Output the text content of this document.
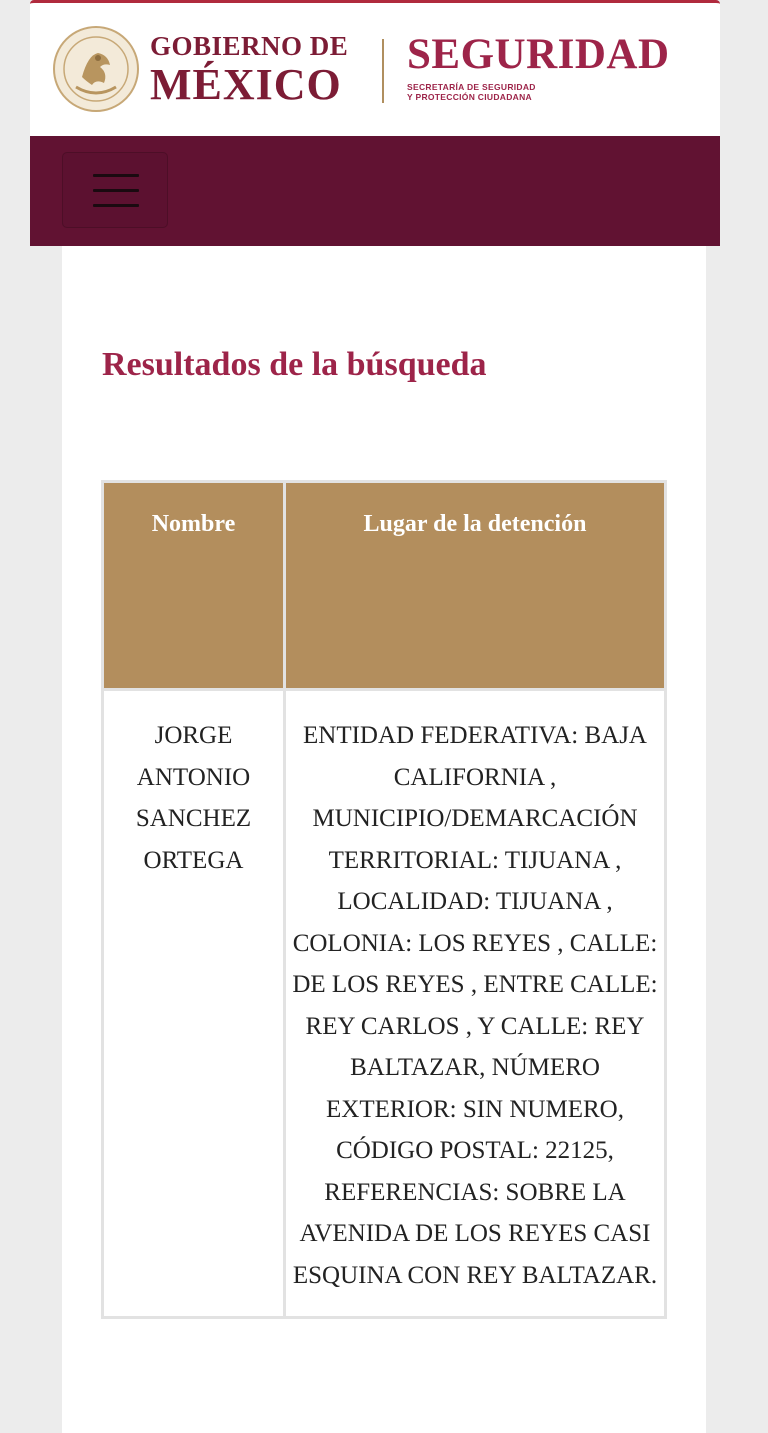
GOBIERNO DE
MÉXICO
SEGURIDAD
SECRETARÍA DE SEGURIDAD
Y PROTECCIÓN CIUDADANA
Resultados de la búsqueda
Nombre	Lugar de la detención
JORGE ANTONIO SANCHEZ ORTEGA	ENTIDAD FEDERATIVA: BAJA CALIFORNIA , MUNICIPIO/DEMARCACIÓN TERRITORIAL: TIJUANA , LOCALIDAD: TIJUANA , COLONIA: LOS REYES , CALLE: DE LOS REYES , ENTRE CALLE: REY CARLOS , Y CALLE: REY BALTAZAR, NÚMERO EXTERIOR: SIN NUMERO, CÓDIGO POSTAL: 22125, REFERENCIAS: SOBRE LA AVENIDA DE LOS REYES CASI ESQUINA CON REY BALTAZAR.
